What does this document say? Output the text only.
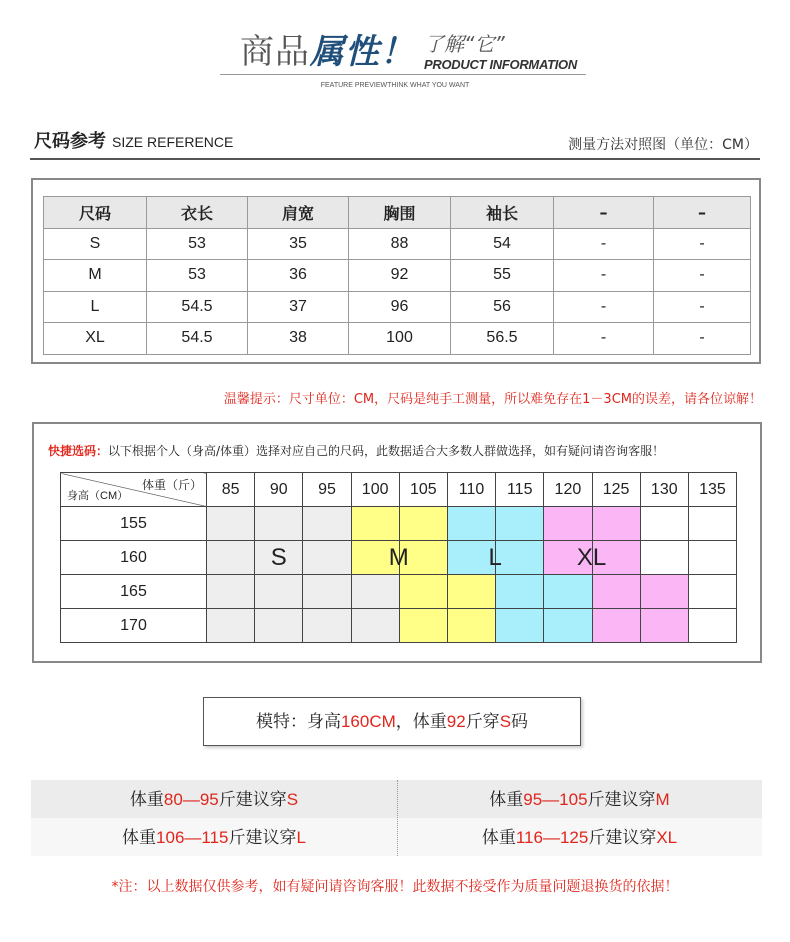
商品属性！ 了解“它”
PRODUCT INFORMATION
FEATURE PREVIEWTHINK WHAT YOU WANT
尺码参考 SIZE REFERENCE	测量方法对照图（单位：CM）
尺码	衣长	肩宽	胸围	袖长	–	–
S	53	35	88	54	-	-
M	53	36	92	55	-	-
L	54.5	37	96	56	-	-
XL	54.5	38	100	56.5	-	-
温馨提示：尺寸单位：CM，尺码是纯手工测量，所以难免存在1－3CM的误差，请各位谅解！
快捷选码：以下根据个人（身高/体重）选择对应自己的尺码，此数据适合大多数人群做选择，如有疑问请咨询客服！
体重（斤）
身高（CM）	85	90	95	100	105	110	115	120	125	130	135
155											
160		S		M		L		XL			

165											
170											
模特：身高160CM，体重92斤穿S码
体重80—95斤建议穿S	体重95—105斤建议穿M
体重106—115斤建议穿L	体重116—125斤建议穿XL
*注：以上数据仅供参考，如有疑问请咨询客服！此数据不接受作为质量问题退换货的依据！
